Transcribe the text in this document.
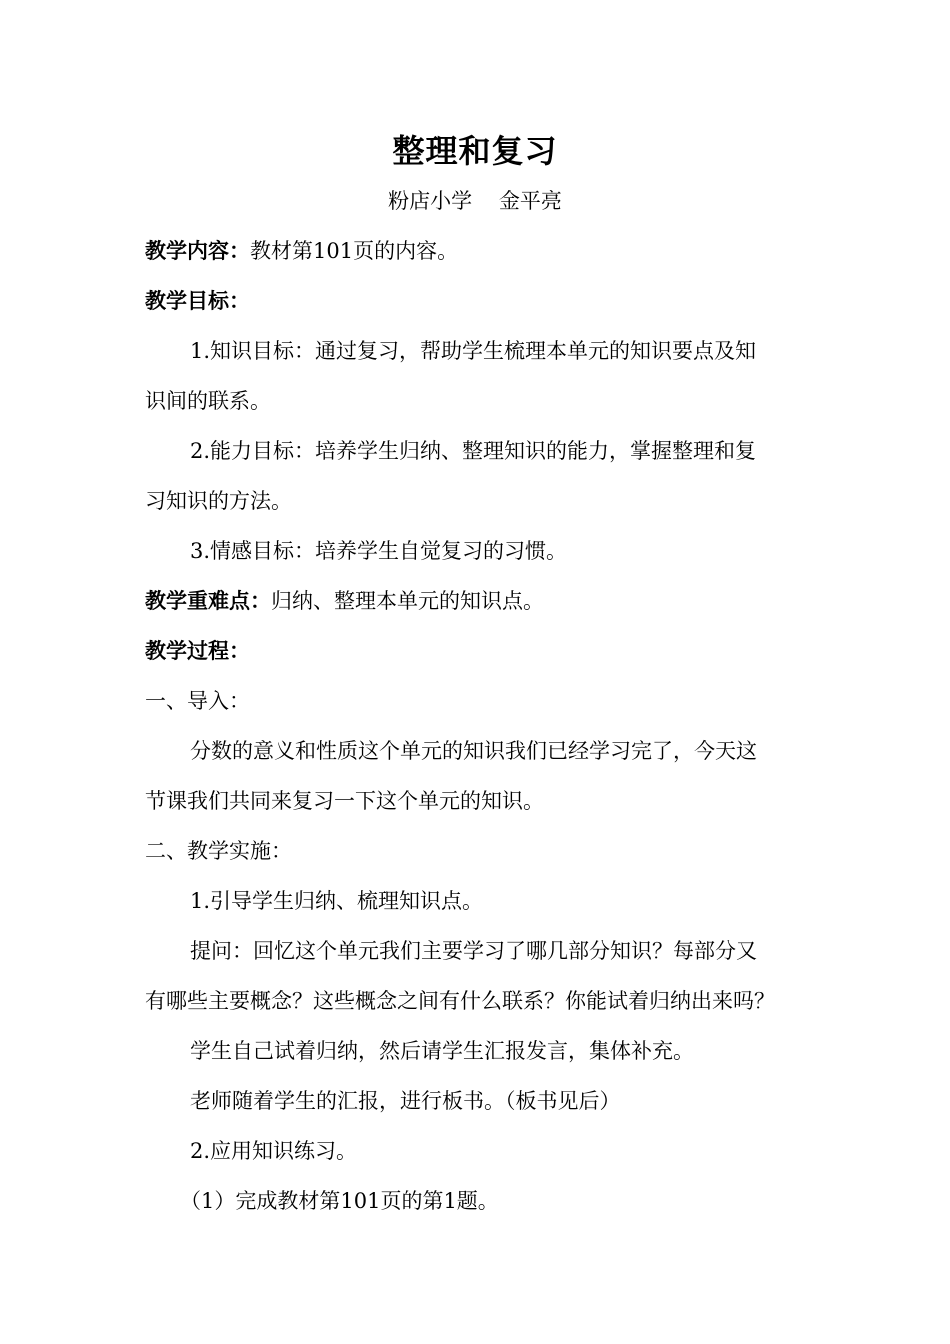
整理和复习
粉店小学    金平亮
教学内容：教材第101页的内容。
教学目标：
1.知识目标：通过复习，帮助学生梳理本单元的知识要点及知
识间的联系。
2.能力目标：培养学生归纳、整理知识的能力，掌握整理和复
习知识的方法。
3.情感目标：培养学生自觉复习的习惯。
教学重难点：归纳、整理本单元的知识点。
教学过程：
一、导入：
分数的意义和性质这个单元的知识我们已经学习完了，今天这
节课我们共同来复习一下这个单元的知识。
二、教学实施：
1.引导学生归纳、梳理知识点。
提问：回忆这个单元我们主要学习了哪几部分知识？每部分又
有哪些主要概念？这些概念之间有什么联系？你能试着归纳出来吗？
学生自己试着归纳，然后请学生汇报发言，集体补充。
老师随着学生的汇报，进行板书。（板书见后）
2.应用知识练习。
（1）完成教材第101页的第1题。
